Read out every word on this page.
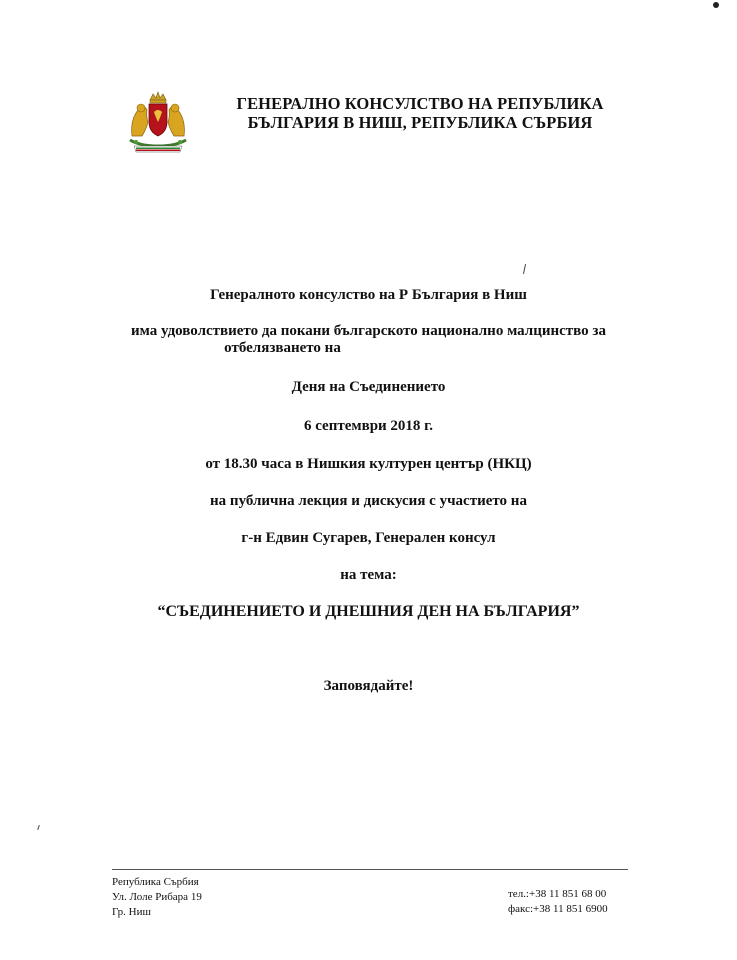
ГЕНЕРАЛНО КОНСУЛСТВО НА РЕПУБЛИКА
БЪЛГАРИЯ В НИШ, РЕПУБЛИКА СЪРБИЯ
Генералното консулство на Р България в Ниш
има удоволствието да покани българското национално малцинство за
отбелязването на
Деня на Съединението
6 септември 2018 г.
от 18.30 часа в Нишкия културен център (НКЦ)
на публична лекция и дискусия с участието на
г-н Едвин Сугарев, Генерален консул
на тема:
“СЪЕДИНЕНИЕТО И ДНЕШНИЯ ДЕН НА БЪЛГАРИЯ”
Заповядайте!
Република Сърбия
Ул. Лоле Рибара 19
Гр. Ниш
тел.:+38 11 851 68 00
факс:+38 11 851 6900
